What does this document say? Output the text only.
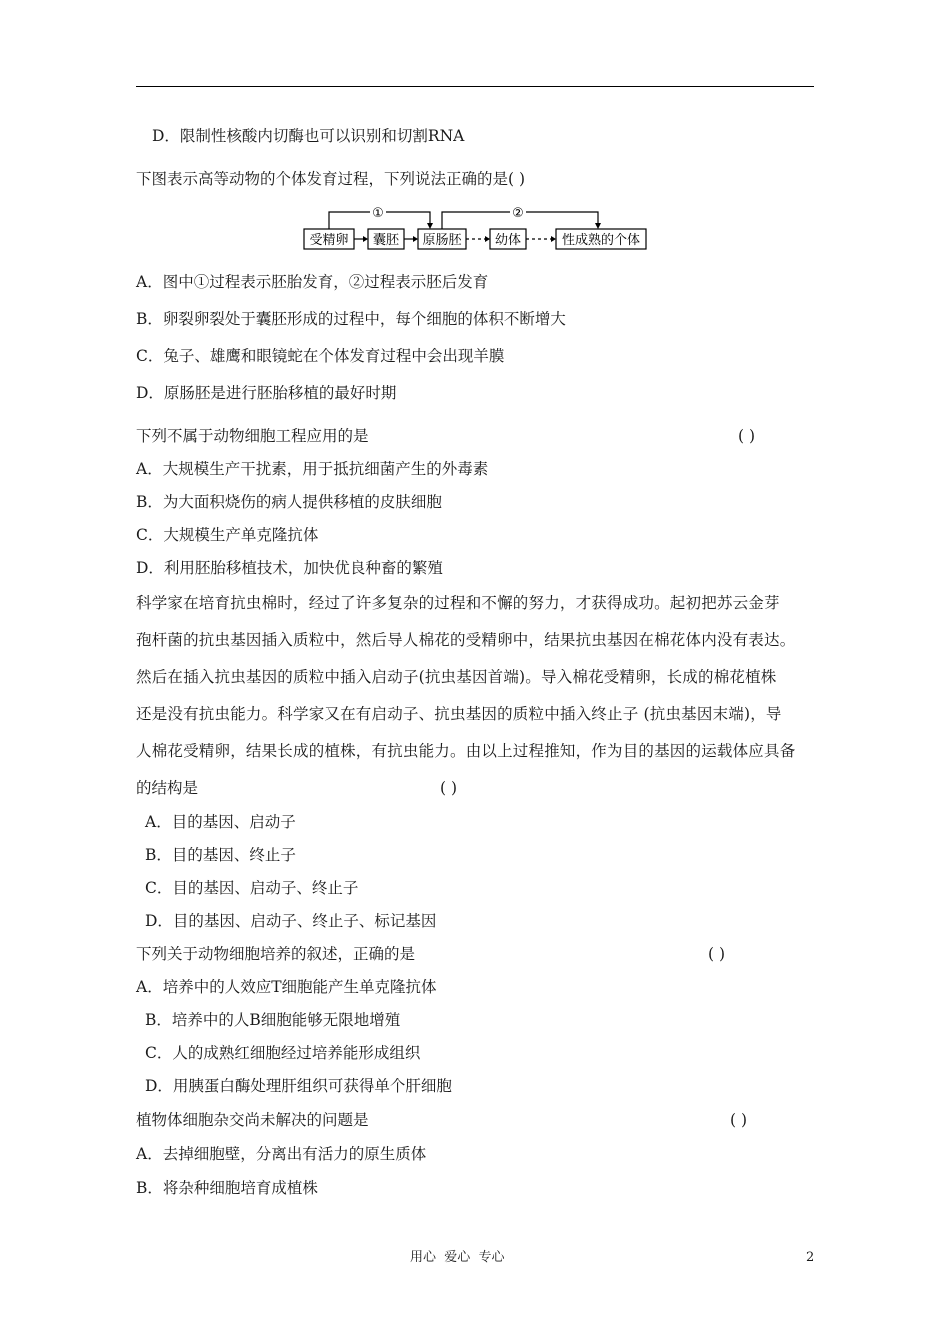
D．限制性核酸内切酶也可以识别和切割RNA
下图表示高等动物的个体发育过程，下列说法正确的是( )
受精卵 囊胚 原肠胚	幼体	性成熟的个体
①	②
A．图中①过程表示胚胎发育，②过程表示胚后发育
B．卵裂卵裂处于囊胚形成的过程中，每个细胞的体积不断增大
C．兔子、雄鹰和眼镜蛇在个体发育过程中会出现羊膜
D．原肠胚是进行胚胎移植的最好时期
下列不属于动物细胞工程应用的是	( )
A．大规模生产干扰素，用于抵抗细菌产生的外毒素
B．为大面积烧伤的病人提供移植的皮肤细胞
C．大规模生产单克隆抗体
D．利用胚胎移植技术，加快优良种畜的繁殖
科学家在培育抗虫棉时，经过了许多复杂的过程和不懈的努力，才获得成功。起初把苏云金芽
孢杆菌的抗虫基因插入质粒中，然后导人棉花的受精卵中，结果抗虫基因在棉花体内没有表达。
然后在插入抗虫基因的质粒中插入启动子(抗虫基因首端)。导入棉花受精卵，长成的棉花植株
还是没有抗虫能力。科学家又在有启动子、抗虫基因的质粒中插入终止子 (抗虫基因末端)，导
人棉花受精卵，结果长成的植株，有抗虫能力。由以上过程推知，作为目的基因的运载体应具备
的结构是	( )
A．目的基因、启动子
B．目的基因、终止子
C．目的基因、启动子、终止子
D．目的基因、启动子、终止子、标记基因
下列关于动物细胞培养的叙述，正确的是	( )
A．培养中的人效应T细胞能产生单克隆抗体
B．培养中的人B细胞能够无限地增殖
C．人的成熟红细胞经过培养能形成组织
D．用胰蛋白酶处理肝组织可获得单个肝细胞
植物体细胞杂交尚未解决的问题是	( )
A．去掉细胞壁，分离出有活力的原生质体
B．将杂种细胞培育成植株
用心  爱心  专心	2
